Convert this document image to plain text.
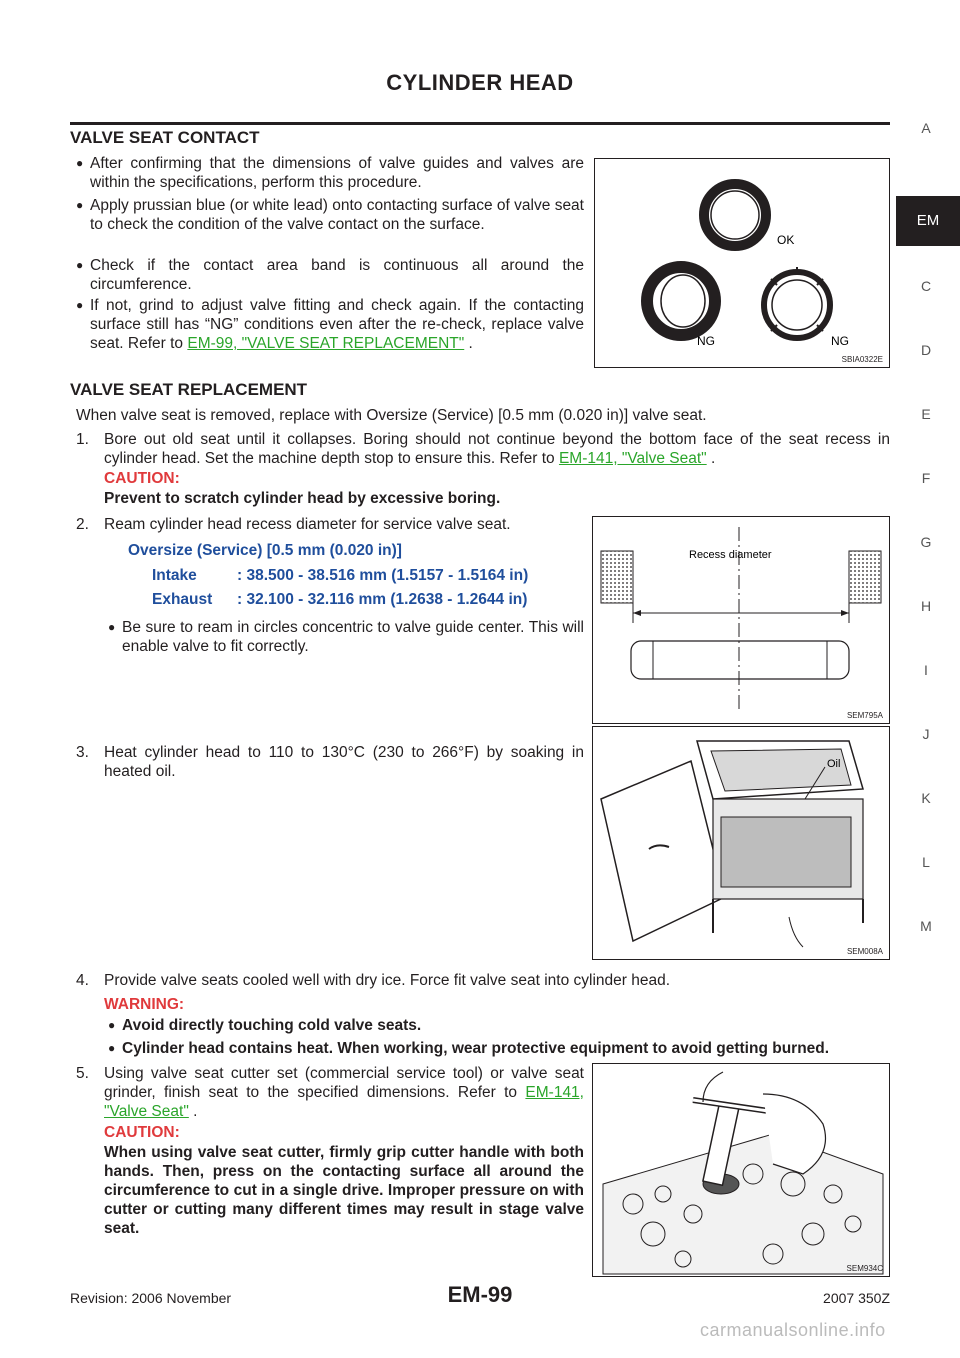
CYLINDER HEAD
VALVE SEAT CONTACT
● After confirming that the dimensions of valve guides and valves are within the specifications, perform this procedure.
● Apply prussian blue (or white lead) onto contacting surface of valve seat to check the condition of the valve contact on the surface.
● Check if the contact area band is continuous all around the circumference.
● If not, grind to adjust valve fitting and check again. If the contacting surface still has “NG” conditions even after the re-check, replace valve seat. Refer to EM-99, "VALVE SEAT REPLACEMENT" .
OK
NG	NG
SBIA0322E
VALVE SEAT REPLACEMENT
When valve seat is removed, replace with Oversize (Service) [0.5 mm (0.020 in)] valve seat.
1. Bore out old seat until it collapses. Boring should not continue beyond the bottom face of the seat recess in cylinder head. Set the machine depth stop to ensure this. Refer to EM-141, "Valve Seat" .
CAUTION:
Prevent to scratch cylinder head by excessive boring.
2. Ream cylinder head recess diameter for service valve seat.
Oversize (Service) [0.5 mm (0.020 in)]
Intake	: 38.500 - 38.516 mm (1.5157 - 1.5164 in)
Exhaust : 32.100 - 32.116 mm (1.2638 - 1.2644 in)
● Be sure to ream in circles concentric to valve guide center. This will enable valve to fit correctly.
Recess diameter
SEM795A
3. Heat cylinder head to 110 to 130°C (230 to 266°F) by soaking in heated oil.	Oil
SEM008A
4. Provide valve seats cooled well with dry ice. Force fit valve seat into cylinder head.
WARNING:
● Avoid directly touching cold valve seats.
● Cylinder head contains heat. When working, wear protective equipment to avoid getting burned.
5. Using valve seat cutter set (commercial service tool) or valve seat grinder, finish seat to the specified dimensions. Refer to EM-141, "Valve Seat" .
CAUTION:
When using valve seat cutter, firmly grip cutter handle with both hands. Then, press on the contacting surface all around the circumference to cut in a single drive. Improper pressure on with cutter or cutting many different times may result in stage valve seat.
SEM934C
A
EM
C
D
E
F
G
H
I
J
K
L
M
Revision: 2006 November	EM-99	2007 350Z
carmanualsonline.info
